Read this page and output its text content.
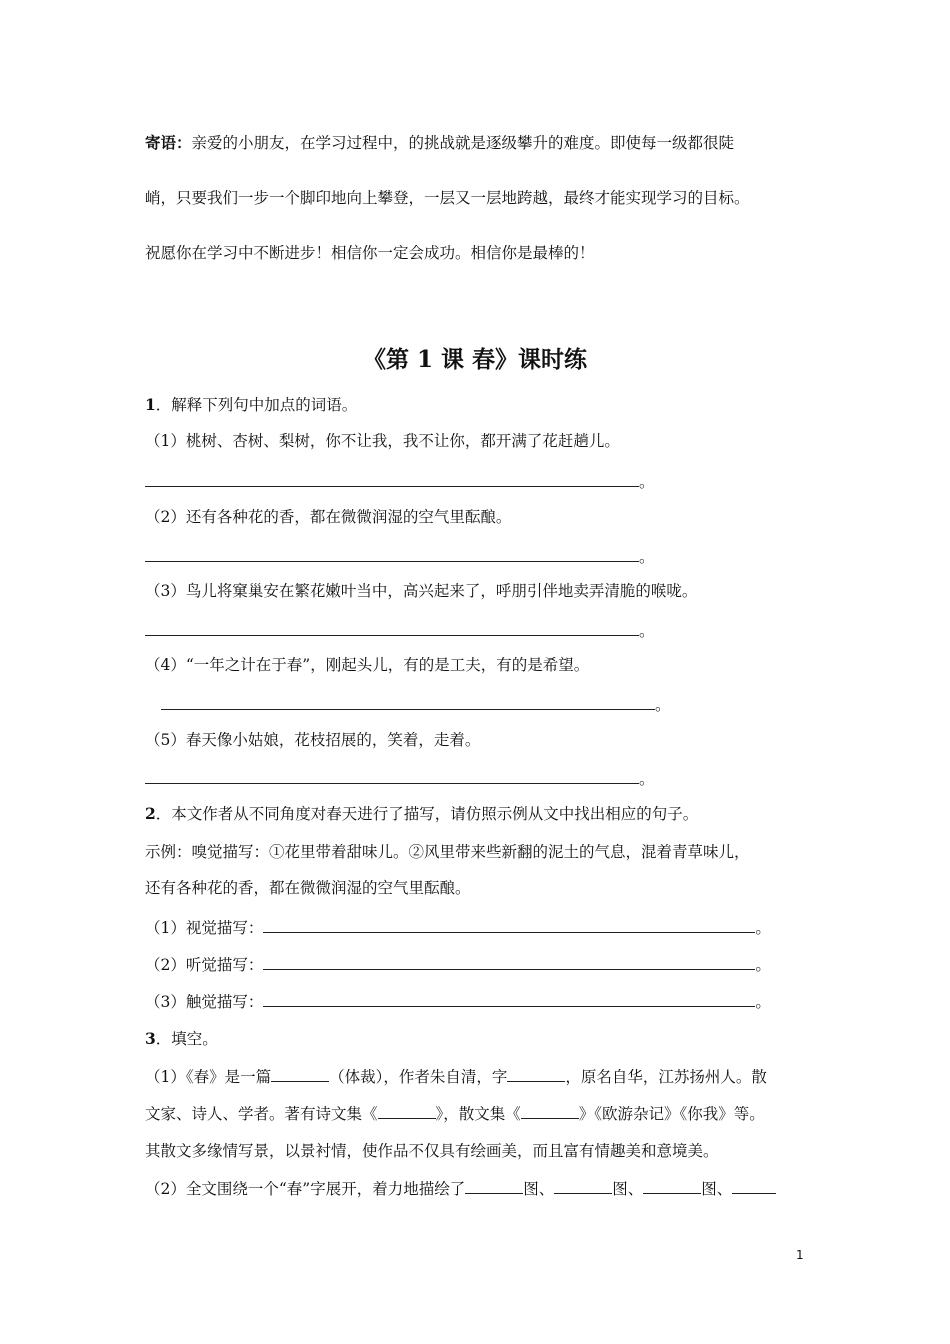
寄语：亲爱的小朋友，在学习过程中，的挑战就是逐级攀升的难度。即使每一级都很陡
峭，只要我们一步一个脚印地向上攀登，一层又一层地跨越，最终才能实现学习的目标。
祝愿你在学习中不断进步！相信你一定会成功。相信你是最棒的！
《第 1 课 春》课时练
1．解释下列句中加点的词语。
（1）桃树、杏树、梨树，你不让我，我不让你，都开满了花赶趟儿。
。
（2）还有各种花的香，都在微微润湿的空气里酝酿。
。
（3）鸟儿将窠巢安在繁花嫩叶当中，高兴起来了，呼朋引伴地卖弄清脆的喉咙。
。
（4）“一年之计在于春”，刚起头儿，有的是工夫，有的是希望。
。
（5）春天像小姑娘，花枝招展的，笑着，走着。
。
2．本文作者从不同角度对春天进行了描写，请仿照示例从文中找出相应的句子。
示例：嗅觉描写：①花里带着甜味儿。②风里带来些新翻的泥土的气息，混着青草味儿，
还有各种花的香，都在微微润湿的空气里酝酿。
（1）视觉描写：	。
（2）听觉描写：	。
（3）触觉描写：	。
3．填空。
（1）《春》是一篇	（体裁），作者朱自清，字	，原名自华，江苏扬州人。散
文家、诗人、学者。著有诗文集《	》，散文集《	》《欧游杂记》《你我》等。
其散文多缘情写景，以景衬情，使作品不仅具有绘画美，而且富有情趣美和意境美。
（2）全文围绕一个“春”字展开，着力地描绘了	图、	图、	图、
1
